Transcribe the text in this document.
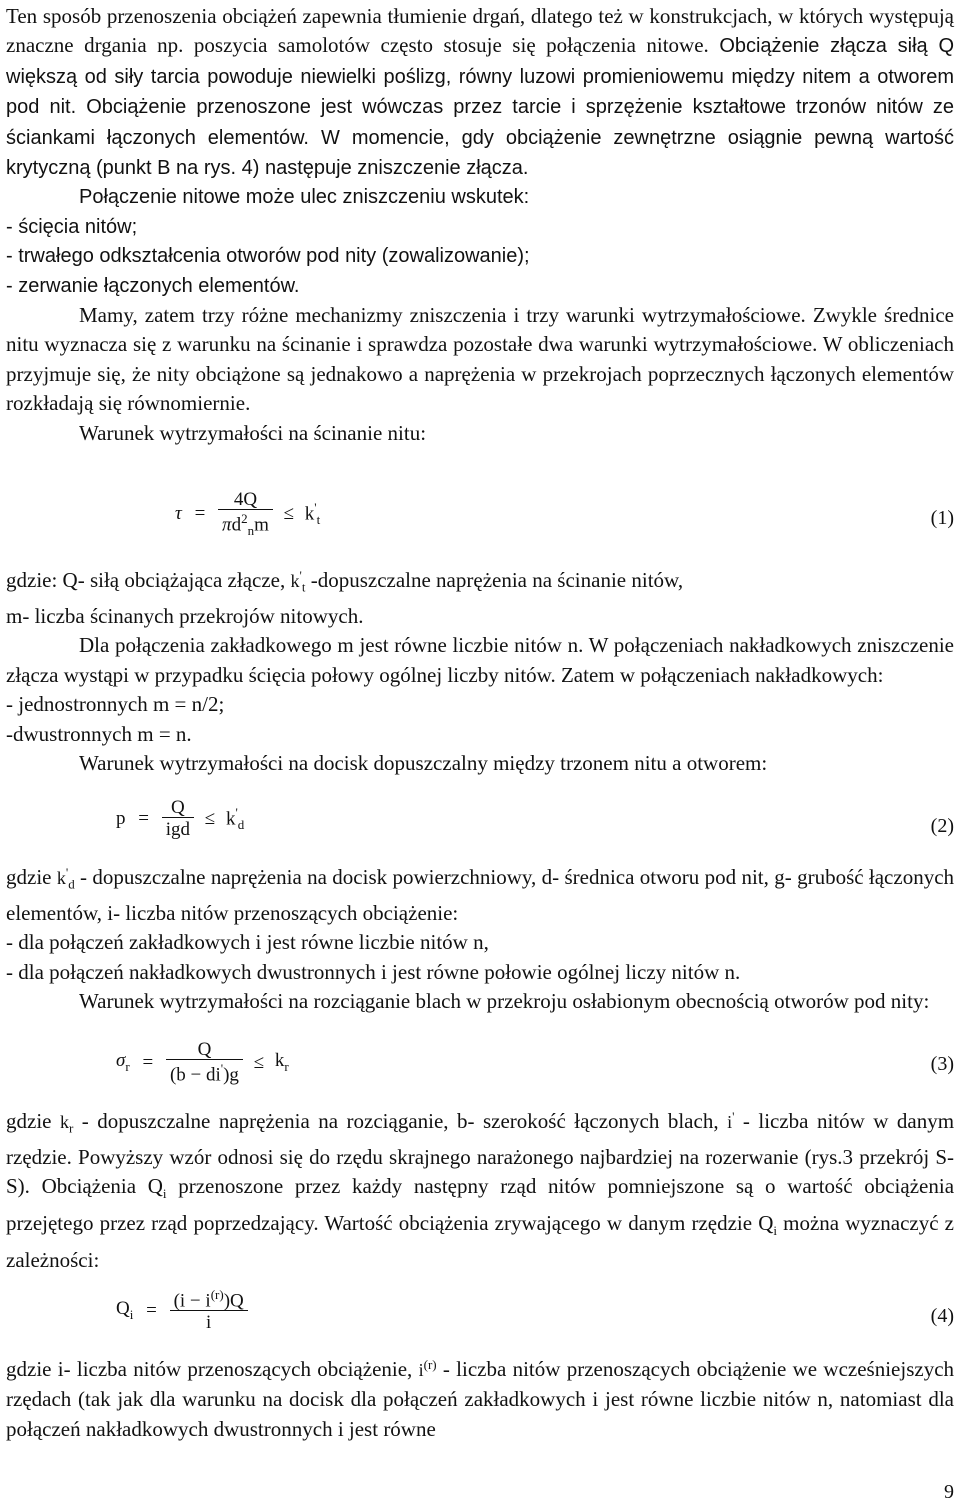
Ten sposób przenoszenia obciążeń zapewnia tłumienie drgań, dlatego też w konstrukcjach, w których występują znaczne drgania np. poszycia samolotów często stosuje się połączenia nitowe. Obciążenie złącza siłą Q większą od siły tarcia powoduje niewielki poślizg, równy luzowi promieniowemu między nitem a otworem pod nit. Obciążenie przenoszone jest wówczas przez tarcie i sprzężenie kształtowe trzonów nitów ze ściankami łączonych elementów. W momencie, gdy obciążenie zewnętrzne osiągnie pewną wartość krytyczną (punkt B na rys. 4) następuje zniszczenie złącza.

Połączenie nitowe może ulec zniszczeniu wskutek:

- ścięcia nitów;

- trwałego odkształcenia otworów pod nity (zowalizowanie);

- zerwanie łączonych elementów.

Mamy, zatem trzy różne mechanizmy zniszczenia i trzy warunki wytrzymałościowe. Zwykle średnice nitu wyznacza się z warunku na ścinanie i sprawdza pozostałe dwa warunki wytrzymałościowe. W obliczeniach przyjmuje się, że nity obciążone są jednakowo a naprężenia w przekrojach poprzecznych łączonych elementów rozkładają się równomiernie.

Warunek wytrzymałości na ścinanie nitu:

$\tau = \frac{4Q}{\pi d^2_nm} \le k'_t$	(1)

gdzie: Q- siłą obciążająca złącze, $k'_t$ -dopuszczalne naprężenia na ścinanie nitów,

m- liczba ścinanych przekrojów nitowych.

Dla połączenia zakładkowego m jest równe liczbie nitów n. W połączeniach nakładkowych zniszczenie złącza wystąpi w przypadku ścięcia połowy ogólnej liczby nitów. Zatem w połączeniach nakładkowych:

- jednostronnych m = n/2;

-dwustronnych m = n.

Warunek wytrzymałości na docisk dopuszczalny między trzonem nitu a otworem:

$p = \frac{Q}{\text{igd}} \le k'_d$	(2)

gdzie $k'_d$ - dopuszczalne naprężenia na docisk powierzchniowy, d- średnica otworu pod nit, g- grubość łączonych elementów, i- liczba nitów przenoszących obciążenie:

- dla połączeń zakładkowych i jest równe liczbie nitów n,

- dla połączeń nakładkowych dwustronnych i jest równe połowie ogólnej liczy nitów n.

Warunek wytrzymałości na rozciąganie blach w przekroju osłabionym obecnością otworów pod nity:

$\sigma_r = \frac{Q}{(b - di')g} \le k_r$	(3)

gdzie $k_r$ - dopuszczalne naprężenia na rozciąganie, b- szerokość łączonych blach, i' - liczba nitów w danym rzędzie. Powyższy wzór odnosi się do rzędu skrajnego narażonego najbardziej na rozerwanie (rys.3 przekrój S-S). Obciążenia $Q_i$ przenoszone przez każdy następny rząd nitów pomniejszone są o wartość obciążenia przejętego przez rząd poprzedzający. Wartość obciążenia zrywającego w danym rzędzie $Q_i$ można wyznaczyć z zależności:

$Q_i = \frac{(i - i^{(r)})Q}{i}$	(4)

gdzie i- liczba nitów przenoszących obciążenie, $i^{(r)}$ - liczba nitów przenoszących obciążenie we wcześniejszych rzędach (tak jak dla warunku na docisk dla połączeń zakładkowych i jest równe liczbie nitów n, natomiast dla połączeń nakładkowych dwustronnych i jest równe

9
